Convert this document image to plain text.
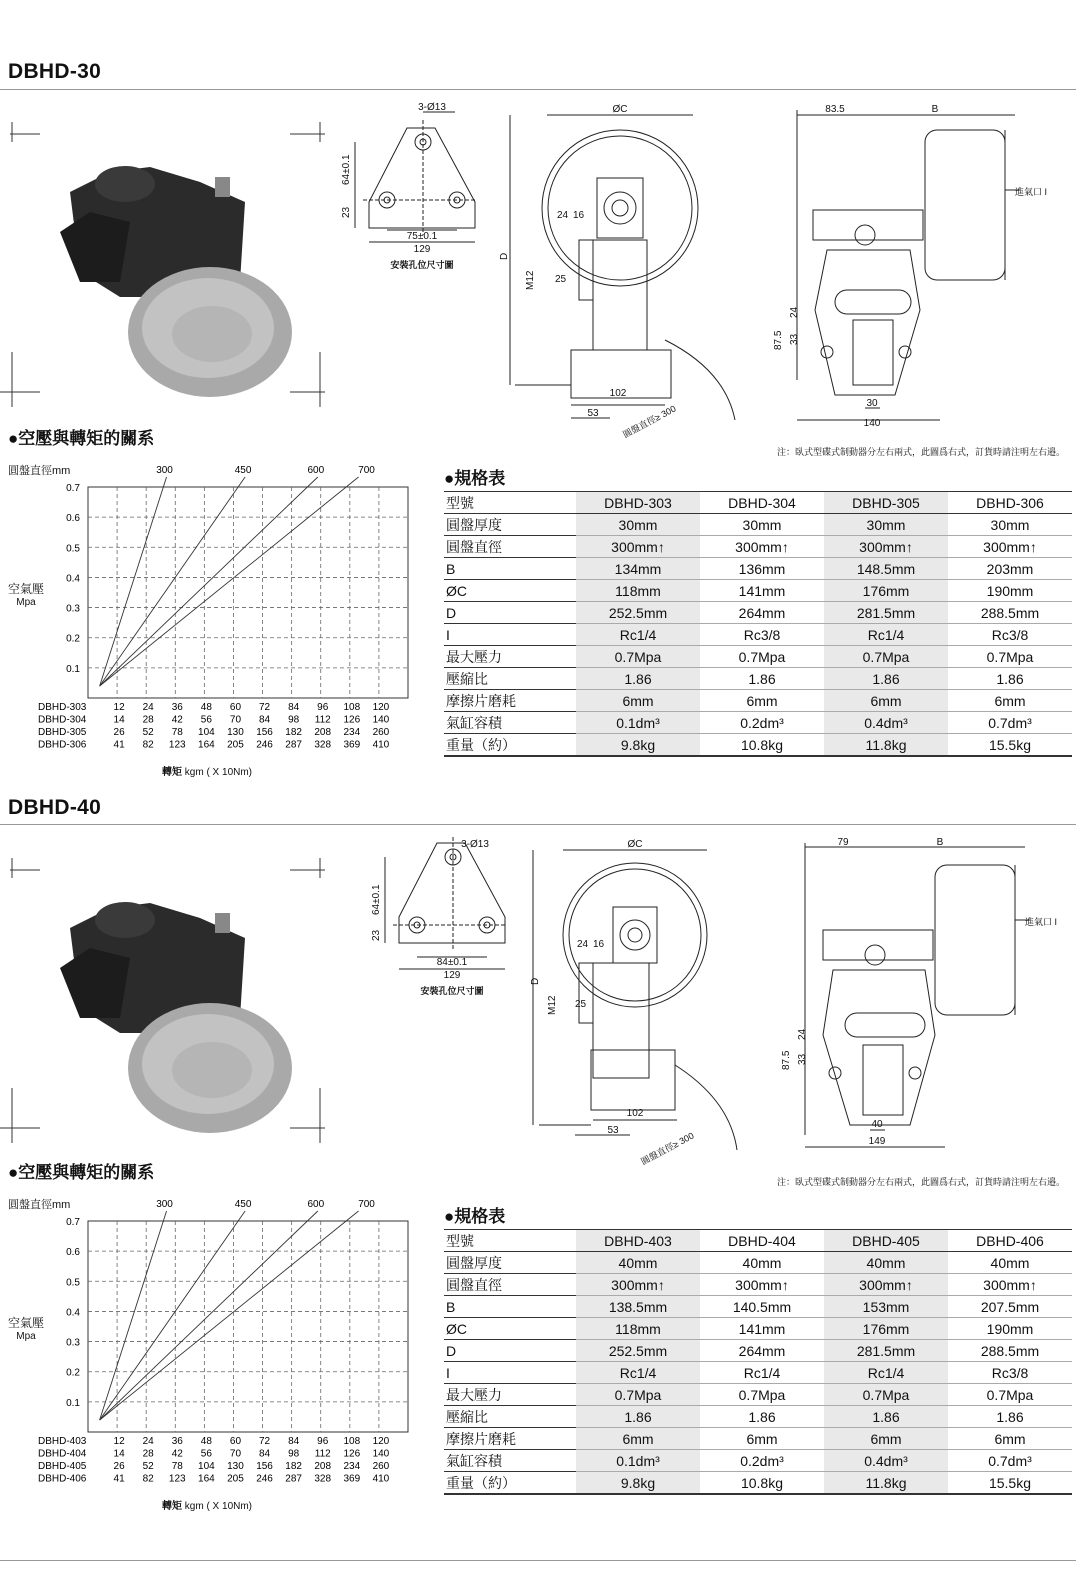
DBHD-30
3-Ø13
64±0.1
23
75±0.1
129
安裝孔位尺寸圖
ØC
D
M12
24 16
25
102
53	圓盤直徑≥ 300
83.5	B
進氣口 I
87.5 33
24
30
140
注：臥式型碟式制動器分左右兩式，此圖爲右式，訂貨時請注明左右邉。
●空壓與轉矩的關系
●規格表
圓盤直徑mm
空氣壓
Mpa
0.7
0.6
0.5
0.4
0.3
0.2
0.1
300	450	600	700
DBHD-303	12 24 36 48 60 72 84 96 108 120
DBHD-304	14 28 42 56 70 84 98 112 126 140
DBHD-305	26 52 78 104 130 156 182 208 234 260
DBHD-306	41 82 123 164 205 246 287 328 369 410
轉矩 kgm ( X 10Nm)
型號	DBHD-303	DBHD-304	DBHD-305	DBHD-306
圓盤厚度	30mm	30mm	30mm	30mm
圓盤直徑	300mm↑	300mm↑	300mm↑	300mm↑
B	134mm	136mm	148.5mm	203mm
ØC	118mm	141mm	176mm	190mm
D	252.5mm	264mm	281.5mm	288.5mm
I	Rc1/4	Rc3/8	Rc1/4	Rc3/8
最大壓力	0.7Mpa	0.7Mpa	0.7Mpa	0.7Mpa
壓縮比	1.86	1.86	1.86	1.86
摩擦片磨耗	6mm	6mm	6mm	6mm
氣缸容積	0.1dm³	0.2dm³	0.4dm³	0.7dm³
重量（約）	9.8kg	10.8kg	11.8kg	15.5kg
DBHD-40
3-Ø13
64±0.1
23
84±0.1
129
安裝孔位尺寸圖
ØC
D
M12
24 16
25
102
53 圓盤直徑≥ 300
79	B
進氣口 I
87.5 33
24
40
149
注：臥式型碟式制動器分左右兩式，此圖爲右式，訂貨時請注明左右邉。
●空壓與轉矩的關系
●規格表
圓盤直徑mm
空氣壓
Mpa
0.7
0.6
0.5
0.4
0.3
0.2
0.1
300	450	600	700
DBHD-403	12 24 36 48 60 72 84 96 108 120
DBHD-404	14 28 42 56 70 84 98 112 126 140
DBHD-405	26 52 78 104 130 156 182 208 234 260
DBHD-406	41 82 123 164 205 246 287 328 369 410
轉矩 kgm ( X 10Nm)
型號	DBHD-403	DBHD-404	DBHD-405	DBHD-406
圓盤厚度	40mm	40mm	40mm	40mm
圓盤直徑	300mm↑	300mm↑	300mm↑	300mm↑
B	138.5mm	140.5mm	153mm	207.5mm
ØC	118mm	141mm	176mm	190mm
D	252.5mm	264mm	281.5mm	288.5mm
I	Rc1/4	Rc1/4	Rc1/4	Rc3/8
最大壓力	0.7Mpa	0.7Mpa	0.7Mpa	0.7Mpa
壓縮比	1.86	1.86	1.86	1.86
摩擦片磨耗	6mm	6mm	6mm	6mm
氣缸容積	0.1dm³	0.2dm³	0.4dm³	0.7dm³
重量（約）	9.8kg	10.8kg	11.8kg	15.5kg
